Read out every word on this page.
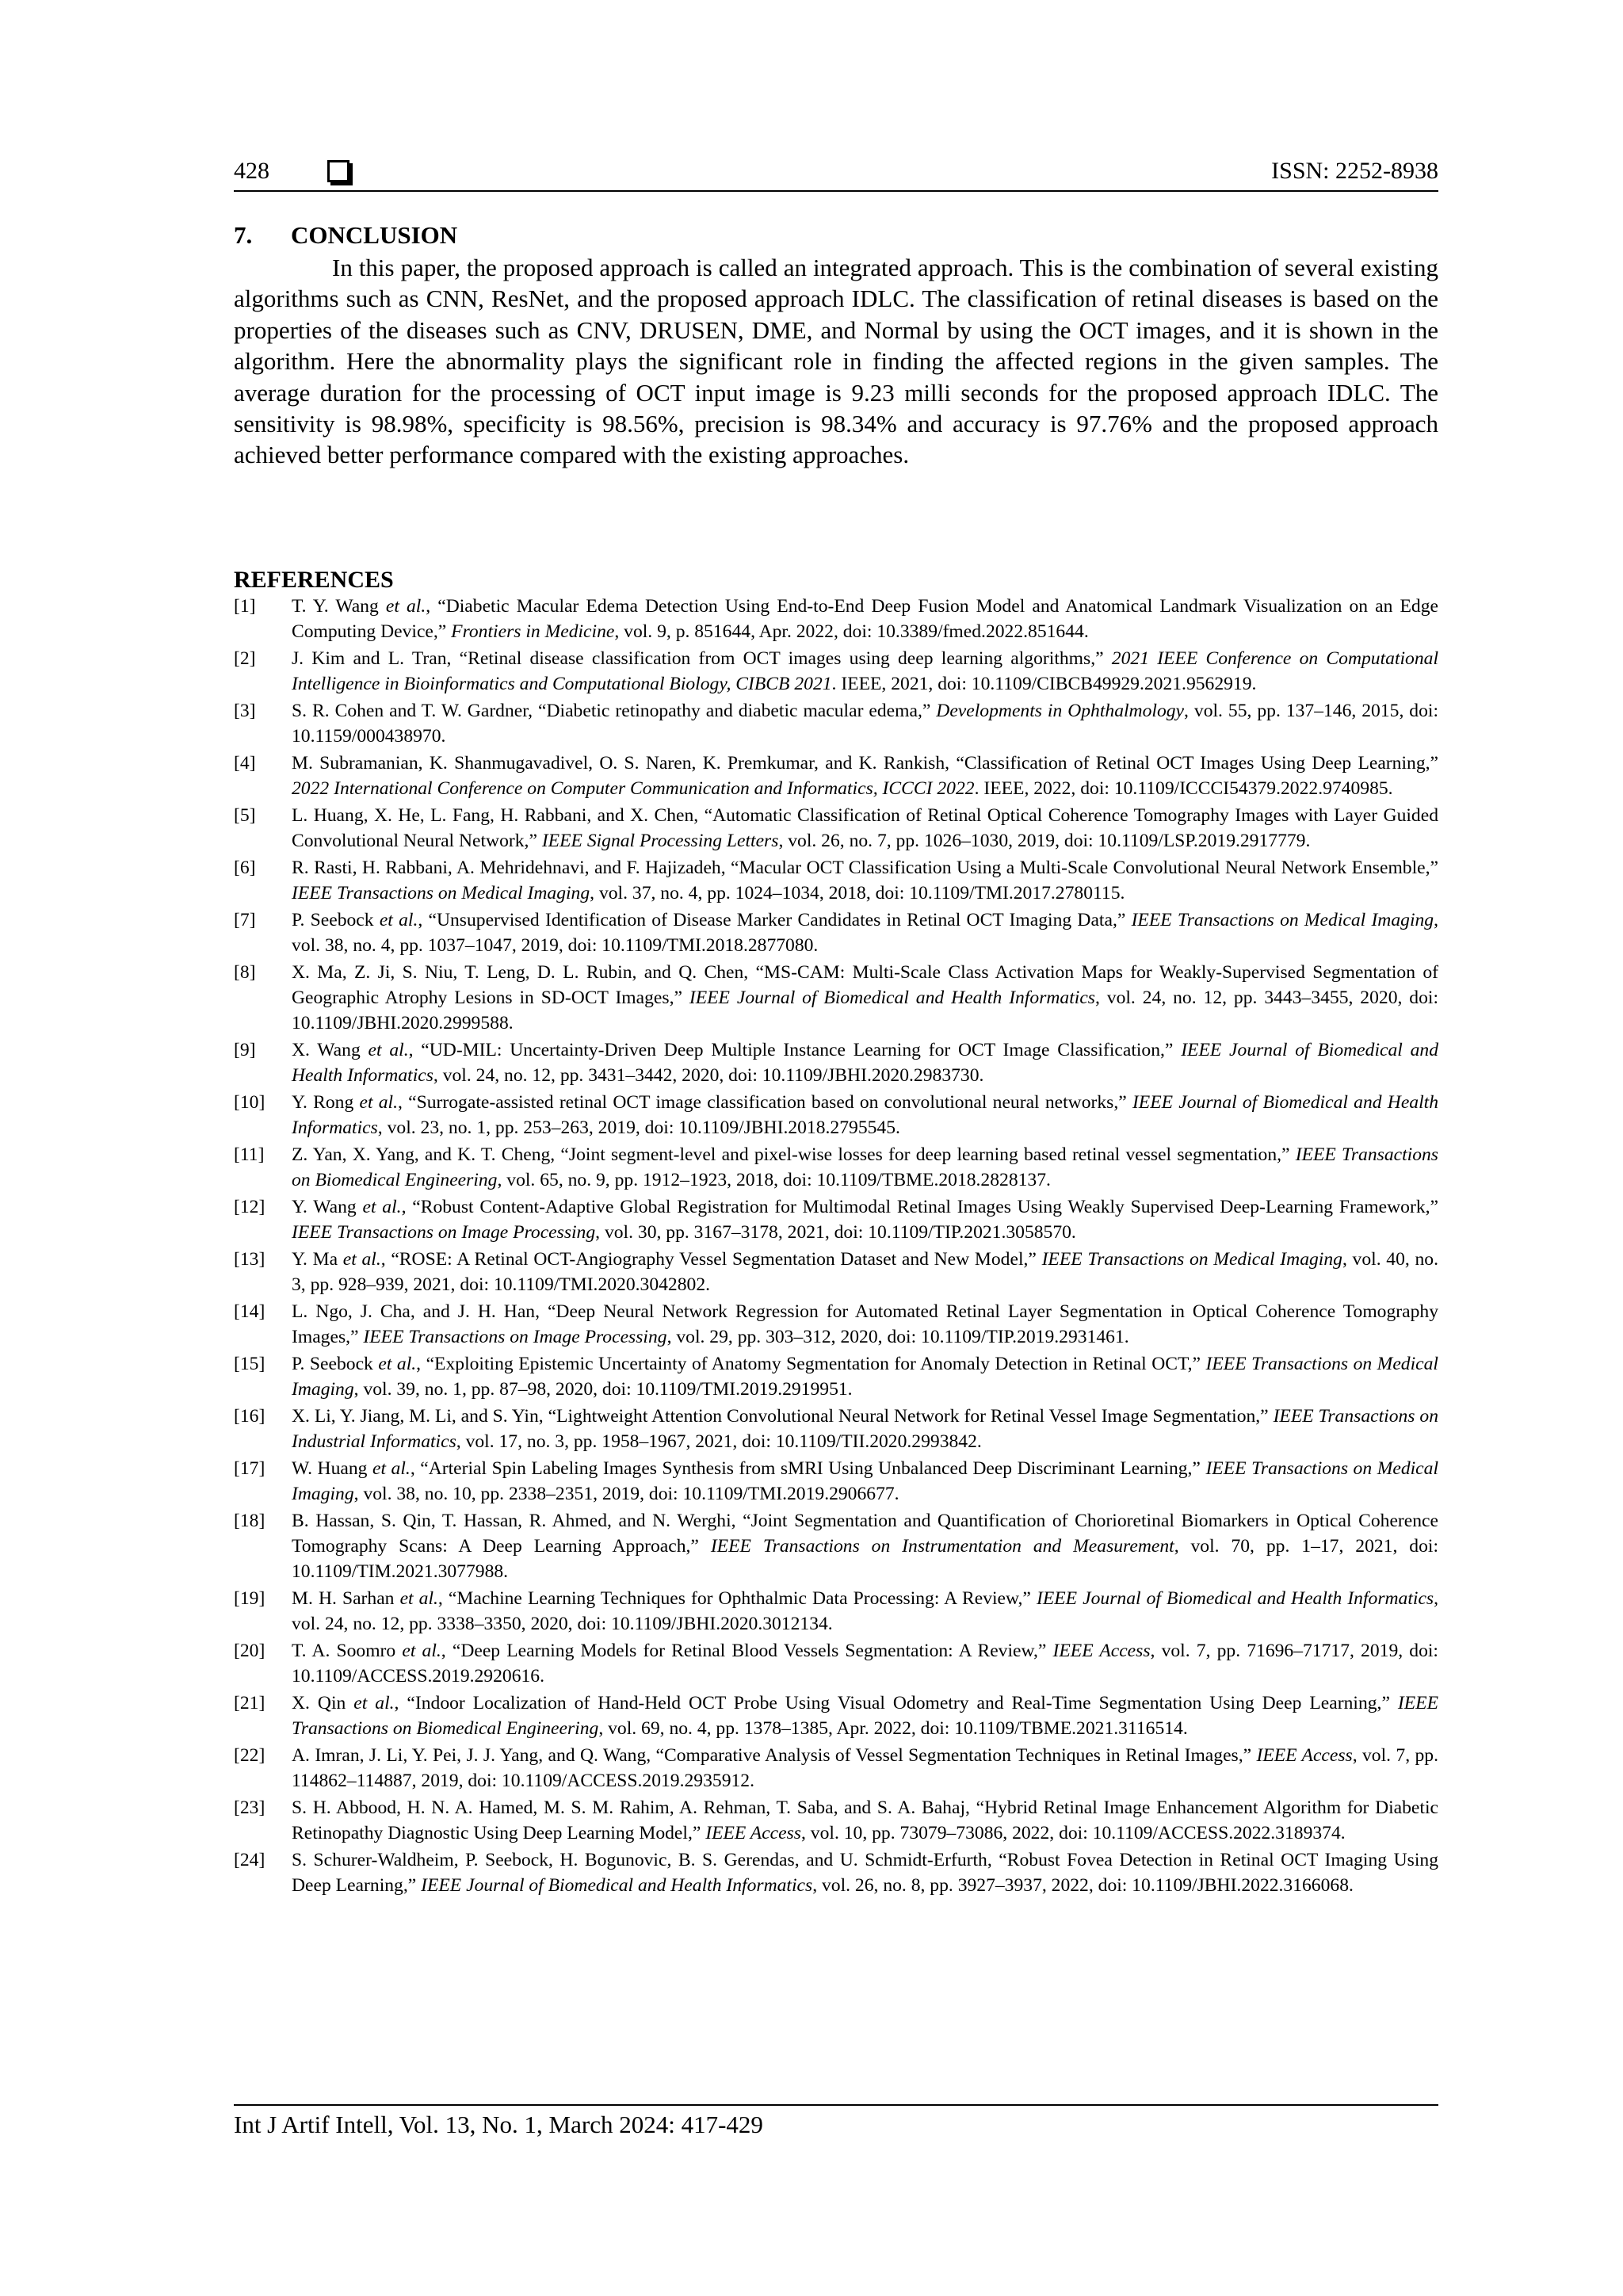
428	ISSN: 2252-8938
7. CONCLUSION

In this paper, the proposed approach is called an integrated approach. This is the combination of several existing algorithms such as CNN, ResNet, and the proposed approach IDLC. The classification of retinal diseases is based on the properties of the diseases such as CNV, DRUSEN, DME, and Normal by using the OCT images, and it is shown in the algorithm. Here the abnormality plays the significant role in finding the affected regions in the given samples. The average duration for the processing of OCT input image is 9.23 milli seconds for the proposed approach IDLC. The sensitivity is 98.98%, specificity is 98.56%, precision is 98.34% and accuracy is 97.76% and the proposed approach achieved better performance compared with the existing approaches.

REFERENCES
[1]	T. Y. Wang et al., “Diabetic Macular Edema Detection Using End-to-End Deep Fusion Model and Anatomical Landmark Visualization on an Edge Computing Device,” Frontiers in Medicine, vol. 9, p. 851644, Apr. 2022, doi: 10.3389/fmed.2022.851644.
[2]	J. Kim and L. Tran, “Retinal disease classification from OCT images using deep learning algorithms,” 2021 IEEE Conference on Computational Intelligence in Bioinformatics and Computational Biology, CIBCB 2021. IEEE, 2021, doi: 10.1109/CIBCB49929.2021.9562919.
[3]	S. R. Cohen and T. W. Gardner, “Diabetic retinopathy and diabetic macular edema,” Developments in Ophthalmology, vol. 55, pp. 137–146, 2015, doi: 10.1159/000438970.
[4]	M. Subramanian, K. Shanmugavadivel, O. S. Naren, K. Premkumar, and K. Rankish, “Classification of Retinal OCT Images Using Deep Learning,” 2022 International Conference on Computer Communication and Informatics, ICCCI 2022. IEEE, 2022, doi: 10.1109/ICCCI54379.2022.9740985.
[5]	L. Huang, X. He, L. Fang, H. Rabbani, and X. Chen, “Automatic Classification of Retinal Optical Coherence Tomography Images with Layer Guided Convolutional Neural Network,” IEEE Signal Processing Letters, vol. 26, no. 7, pp. 1026–1030, 2019, doi: 10.1109/LSP.2019.2917779.
[6]	R. Rasti, H. Rabbani, A. Mehridehnavi, and F. Hajizadeh, “Macular OCT Classification Using a Multi-Scale Convolutional Neural Network Ensemble,” IEEE Transactions on Medical Imaging, vol. 37, no. 4, pp. 1024–1034, 2018, doi: 10.1109/TMI.2017.2780115.
[7]	P. Seebock et al., “Unsupervised Identification of Disease Marker Candidates in Retinal OCT Imaging Data,” IEEE Transactions on Medical Imaging, vol. 38, no. 4, pp. 1037–1047, 2019, doi: 10.1109/TMI.2018.2877080.
[8]	X. Ma, Z. Ji, S. Niu, T. Leng, D. L. Rubin, and Q. Chen, “MS-CAM: Multi-Scale Class Activation Maps for Weakly-Supervised Segmentation of Geographic Atrophy Lesions in SD-OCT Images,” IEEE Journal of Biomedical and Health Informatics, vol. 24, no. 12, pp. 3443–3455, 2020, doi: 10.1109/JBHI.2020.2999588.
[9]	X. Wang et al., “UD-MIL: Uncertainty-Driven Deep Multiple Instance Learning for OCT Image Classification,” IEEE Journal of Biomedical and Health Informatics, vol. 24, no. 12, pp. 3431–3442, 2020, doi: 10.1109/JBHI.2020.2983730.
[10]	Y. Rong et al., “Surrogate-assisted retinal OCT image classification based on convolutional neural networks,” IEEE Journal of Biomedical and Health Informatics, vol. 23, no. 1, pp. 253–263, 2019, doi: 10.1109/JBHI.2018.2795545.
[11]	Z. Yan, X. Yang, and K. T. Cheng, “Joint segment-level and pixel-wise losses for deep learning based retinal vessel segmentation,” IEEE Transactions on Biomedical Engineering, vol. 65, no. 9, pp. 1912–1923, 2018, doi: 10.1109/TBME.2018.2828137.
[12]	Y. Wang et al., “Robust Content-Adaptive Global Registration for Multimodal Retinal Images Using Weakly Supervised Deep-Learning Framework,” IEEE Transactions on Image Processing, vol. 30, pp. 3167–3178, 2021, doi: 10.1109/TIP.2021.3058570.
[13]	Y. Ma et al., “ROSE: A Retinal OCT-Angiography Vessel Segmentation Dataset and New Model,” IEEE Transactions on Medical Imaging, vol. 40, no. 3, pp. 928–939, 2021, doi: 10.1109/TMI.2020.3042802.
[14]	L. Ngo, J. Cha, and J. H. Han, “Deep Neural Network Regression for Automated Retinal Layer Segmentation in Optical Coherence Tomography Images,” IEEE Transactions on Image Processing, vol. 29, pp. 303–312, 2020, doi: 10.1109/TIP.2019.2931461.
[15]	P. Seebock et al., “Exploiting Epistemic Uncertainty of Anatomy Segmentation for Anomaly Detection in Retinal OCT,” IEEE Transactions on Medical Imaging, vol. 39, no. 1, pp. 87–98, 2020, doi: 10.1109/TMI.2019.2919951.
[16]	X. Li, Y. Jiang, M. Li, and S. Yin, “Lightweight Attention Convolutional Neural Network for Retinal Vessel Image Segmentation,” IEEE Transactions on Industrial Informatics, vol. 17, no. 3, pp. 1958–1967, 2021, doi: 10.1109/TII.2020.2993842.
[17]	W. Huang et al., “Arterial Spin Labeling Images Synthesis from sMRI Using Unbalanced Deep Discriminant Learning,” IEEE Transactions on Medical Imaging, vol. 38, no. 10, pp. 2338–2351, 2019, doi: 10.1109/TMI.2019.2906677.
[18]	B. Hassan, S. Qin, T. Hassan, R. Ahmed, and N. Werghi, “Joint Segmentation and Quantification of Chorioretinal Biomarkers in Optical Coherence Tomography Scans: A Deep Learning Approach,” IEEE Transactions on Instrumentation and Measurement, vol. 70, pp. 1–17, 2021, doi: 10.1109/TIM.2021.3077988.
[19]	M. H. Sarhan et al., “Machine Learning Techniques for Ophthalmic Data Processing: A Review,” IEEE Journal of Biomedical and Health Informatics, vol. 24, no. 12, pp. 3338–3350, 2020, doi: 10.1109/JBHI.2020.3012134.
[20]	T. A. Soomro et al., “Deep Learning Models for Retinal Blood Vessels Segmentation: A Review,” IEEE Access, vol. 7, pp. 71696–71717, 2019, doi: 10.1109/ACCESS.2019.2920616.
[21]	X. Qin et al., “Indoor Localization of Hand-Held OCT Probe Using Visual Odometry and Real-Time Segmentation Using Deep Learning,” IEEE Transactions on Biomedical Engineering, vol. 69, no. 4, pp. 1378–1385, Apr. 2022, doi: 10.1109/TBME.2021.3116514.
[22]	A. Imran, J. Li, Y. Pei, J. J. Yang, and Q. Wang, “Comparative Analysis of Vessel Segmentation Techniques in Retinal Images,” IEEE Access, vol. 7, pp. 114862–114887, 2019, doi: 10.1109/ACCESS.2019.2935912.
[23]	S. H. Abbood, H. N. A. Hamed, M. S. M. Rahim, A. Rehman, T. Saba, and S. A. Bahaj, “Hybrid Retinal Image Enhancement Algorithm for Diabetic Retinopathy Diagnostic Using Deep Learning Model,” IEEE Access, vol. 10, pp. 73079–73086, 2022, doi: 10.1109/ACCESS.2022.3189374.
[24]	S. Schurer-Waldheim, P. Seebock, H. Bogunovic, B. S. Gerendas, and U. Schmidt-Erfurth, “Robust Fovea Detection in Retinal OCT Imaging Using Deep Learning,” IEEE Journal of Biomedical and Health Informatics, vol. 26, no. 8, pp. 3927–3937, 2022, doi: 10.1109/JBHI.2022.3166068.
Int J Artif Intell, Vol. 13, No. 1, March 2024: 417-429
